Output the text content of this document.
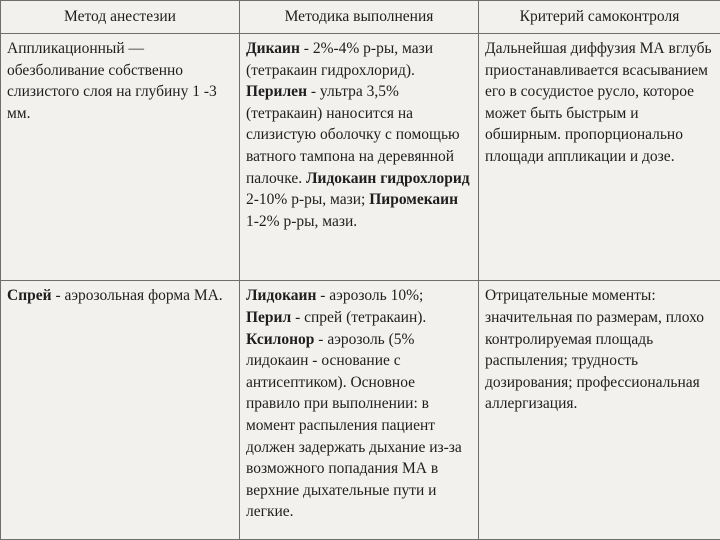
Метод анестезии	Методика выполнения	Критерий самоконтроля
Аппликационный — обезболивание собственно слизистого слоя на глубину 1 -3 мм.	Дикаин - 2%-4% р-ры, мази (тетракаин гидрохлорид). Перилен - ультра 3,5% (тетракаин) наносится на слизистую оболочку с помощью ватного тампона на деревянной палочке. Лидокаин гидрохлорид 2-10% р-ры, мази; Пиромекаин 1-2% р-ры, мази.	Дальнейшая диффузия МА вглубь приостанавливается всасыванием его в сосудистое русло, которое может быть быстрым и обширным. пропорционально площади аппликации и дозе.

Спрей - аэрозольная форма МА.	Лидокаин - аэрозоль 10%; Перил - спрей (тетракаин). Ксилонор - аэрозоль (5% лидокаин - основание с антисептиком). Основное правило при выполнении: в момент распыления пациент должен задержать дыхание из-за возможного попадания МА в верхние дыхательные пути и легкие.	Отрицательные моменты: значительная по размерам, плохо контролируемая площадь распыления; трудность дозирования; профессиональная аллергизация.
